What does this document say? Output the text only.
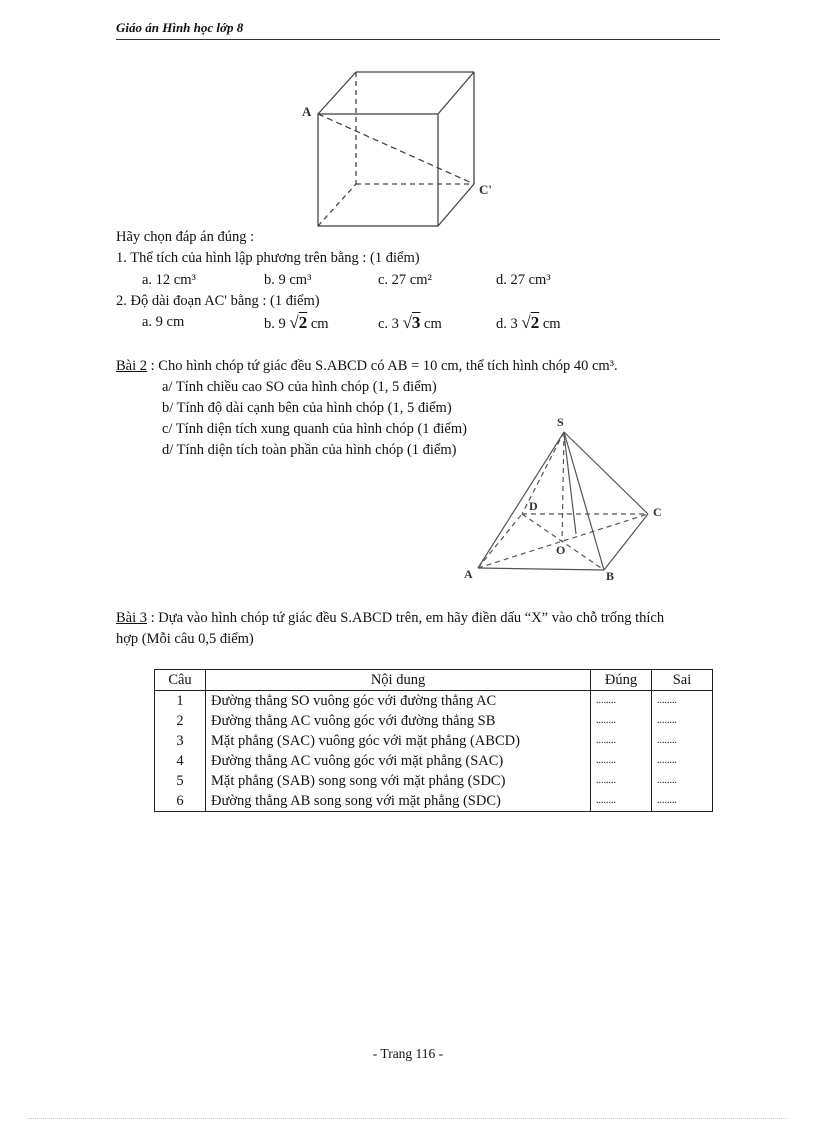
Giáo án Hình học lớp 8
A
C'
Hãy chọn đáp án đúng :
1. Thể tích của hình lập phương trên bằng : (1 điểm)
a. 12 cm³	b. 9 cm³	c. 27 cm²	d. 27 cm³
2. Độ dài đoạn AC' bằng : (1 điểm)
a. 9 cm	b. 9 √2 cm	c. 3 √3 cm	d. 3 √2 cm
Bài 2 : Cho hình chóp tứ giác đều S.ABCD có AB = 10 cm, thể tích hình chóp 40 cm³.
a/ Tính chiều cao SO của hình chóp (1, 5 điểm)
b/ Tính độ dài cạnh bên của hình chóp (1, 5 điểm)
c/ Tính diện tích xung quanh của hình chóp (1 điểm)
d/ Tính diện tích toàn phần của hình chóp (1 điểm)
S
D	C
O
A	B
Bài 3 : Dựa vào hình chóp tứ giác đều S.ABCD trên, em hãy điền dấu “X” vào chỗ trống thích
hợp (Mỗi câu 0,5 điểm)
Câu	Nội dung	Đúng	Sai
1	Đường thẳng SO vuông góc với đường thẳng AC	........	........
2	Đường thẳng AC vuông góc với đường thẳng SB	........	........
3	Mặt phẳng (SAC) vuông góc với mặt phẳng (ABCD)	........	........
4	Đường thẳng AC vuông góc với mặt phẳng (SAC)	........	........
5	Mặt phẳng (SAB) song song với mặt phẳng (SDC)	........	........
6	Đường thẳng AB song song với mặt phẳng (SDC)	........	........
- Trang 116 -
